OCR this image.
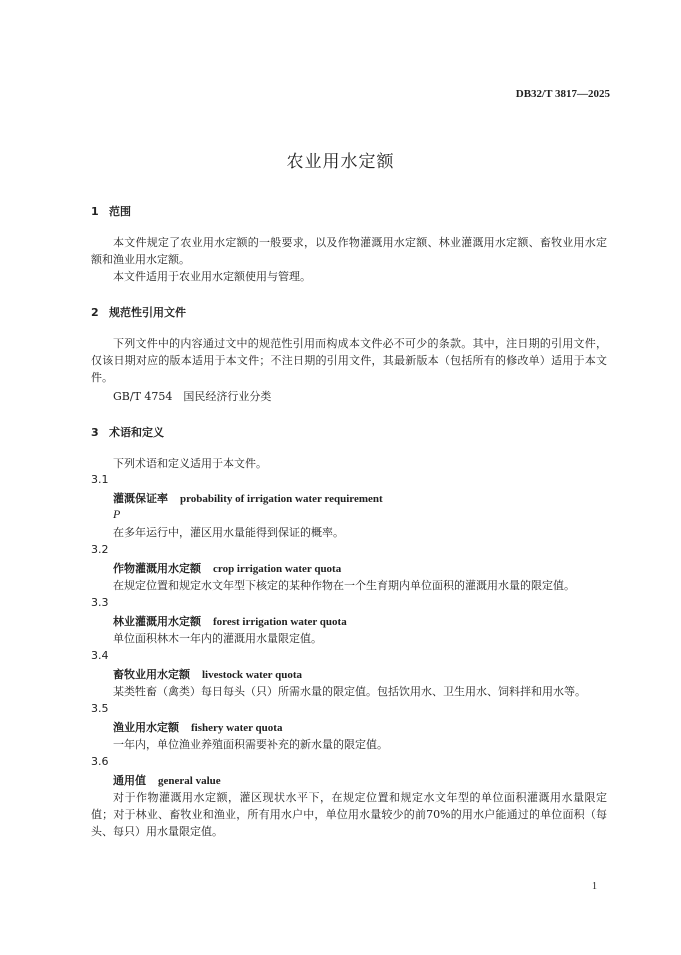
DB32/T 3817—2025
农业用水定额
1 范围
本文件规定了农业用水定额的一般要求，以及作物灌溉用水定额、林业灌溉用水定额、畜牧业用水定额和渔业用水定额。
本文件适用于农业用水定额使用与管理。
2 规范性引用文件
下列文件中的内容通过文中的规范性引用而构成本文件必不可少的条款。其中，注日期的引用文件，仅该日期对应的版本适用于本文件；不注日期的引用文件，其最新版本（包括所有的修改单）适用于本文件。
GB/T 4754　国民经济行业分类
3 术语和定义
下列术语和定义适用于本文件。
3.1
灌溉保证率 probability of irrigation water requirement
P
在多年运行中，灌区用水量能得到保证的概率。
3.2
作物灌溉用水定额 crop irrigation water quota
在规定位置和规定水文年型下核定的某种作物在一个生育期内单位面积的灌溉用水量的限定值。
3.3
林业灌溉用水定额 forest irrigation water quota
单位面积林木一年内的灌溉用水量限定值。
3.4
畜牧业用水定额 livestock water quota
某类牲畜（禽类）每日每头（只）所需水量的限定值。包括饮用水、卫生用水、饲料拌和用水等。
3.5
渔业用水定额 fishery water quota
一年内，单位渔业养殖面积需要补充的新水量的限定值。
3.6
通用值 general value
对于作物灌溉用水定额，灌区现状水平下，在规定位置和规定水文年型的单位面积灌溉用水量限定值；对于林业、畜牧业和渔业，所有用水户中，单位用水量较少的前70%的用水户能通过的单位面积（每头、每只）用水量限定值。
1
